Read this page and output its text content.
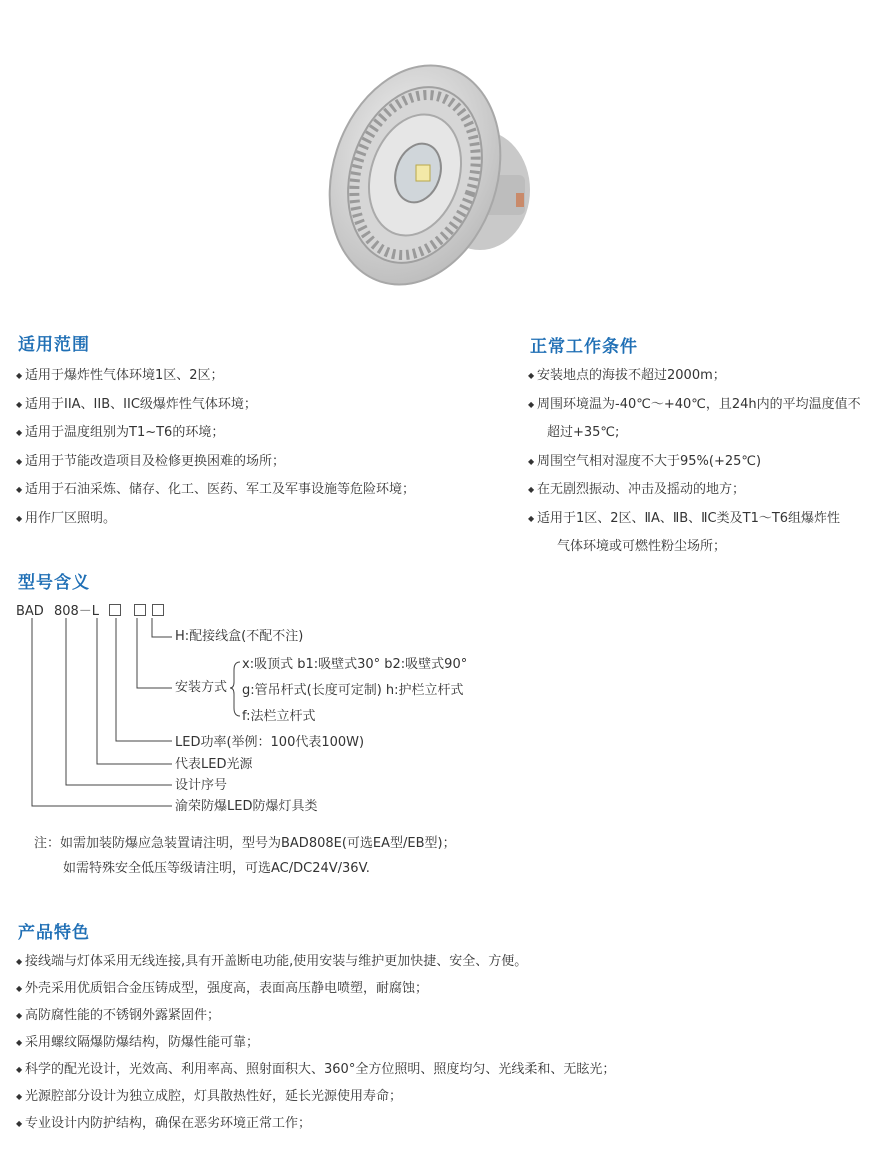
适用范围
◆ 适用于爆炸性气体环境1区、2区；
◆ 适用于IIA、IIB、IIC级爆炸性气体环境；
◆ 适用于温度组别为T1~T6的环境；
◆ 适用于节能改造项目及检修更换困难的场所；
◆ 适用于石油采炼、储存、化工、医药、军工及军事设施等危险环境；
◆ 用作厂区照明。
正常工作条件
◆ 安装地点的海拔不超过2000m；
◆ 周围环境温为-40℃～+40℃，且24h内的平均温度值不
超过+35℃;
◆ 周围空气相对湿度不大于95%(+25℃)
◆ 在无剧烈振动、冲击及摇动的地方；
◆ 适用于1区、2区、ⅡA、ⅡB、ⅡC类及T1～T6组爆炸性
气体环境或可燃性粉尘场所；
型号含义
BAD 808－L
H:配接线盒(不配不注)
安装方式
x:吸顶式 b1:吸壁式30° b2:吸壁式90°
g:管吊杆式(长度可定制) h:护栏立杆式
f:法栏立杆式
LED功率(举例：100代表100W)
代表LED光源
设计序号
渝荣防爆LED防爆灯具类
注：如需加装防爆应急装置请注明，型号为BAD808E(可选EA型/EB型)；
如需特殊安全低压等级请注明，可选AC/DC24V/36V.
产品特色
◆ 接线端与灯体采用无线连接,具有开盖断电功能,使用安装与维护更加快捷、安全、方便。
◆ 外壳采用优质铝合金压铸成型，强度高，表面高压静电喷塑，耐腐蚀；
◆ 高防腐性能的不锈钢外露紧固件；
◆ 采用螺纹隔爆防爆结构，防爆性能可靠；
◆ 科学的配光设计，光效高、利用率高、照射面积大、360°全方位照明、照度均匀、光线柔和、无眩光；
◆ 光源腔部分设计为独立成腔，灯具散热性好，延长光源使用寿命；
◆ 专业设计内防护结构，确保在恶劣环境正常工作；
